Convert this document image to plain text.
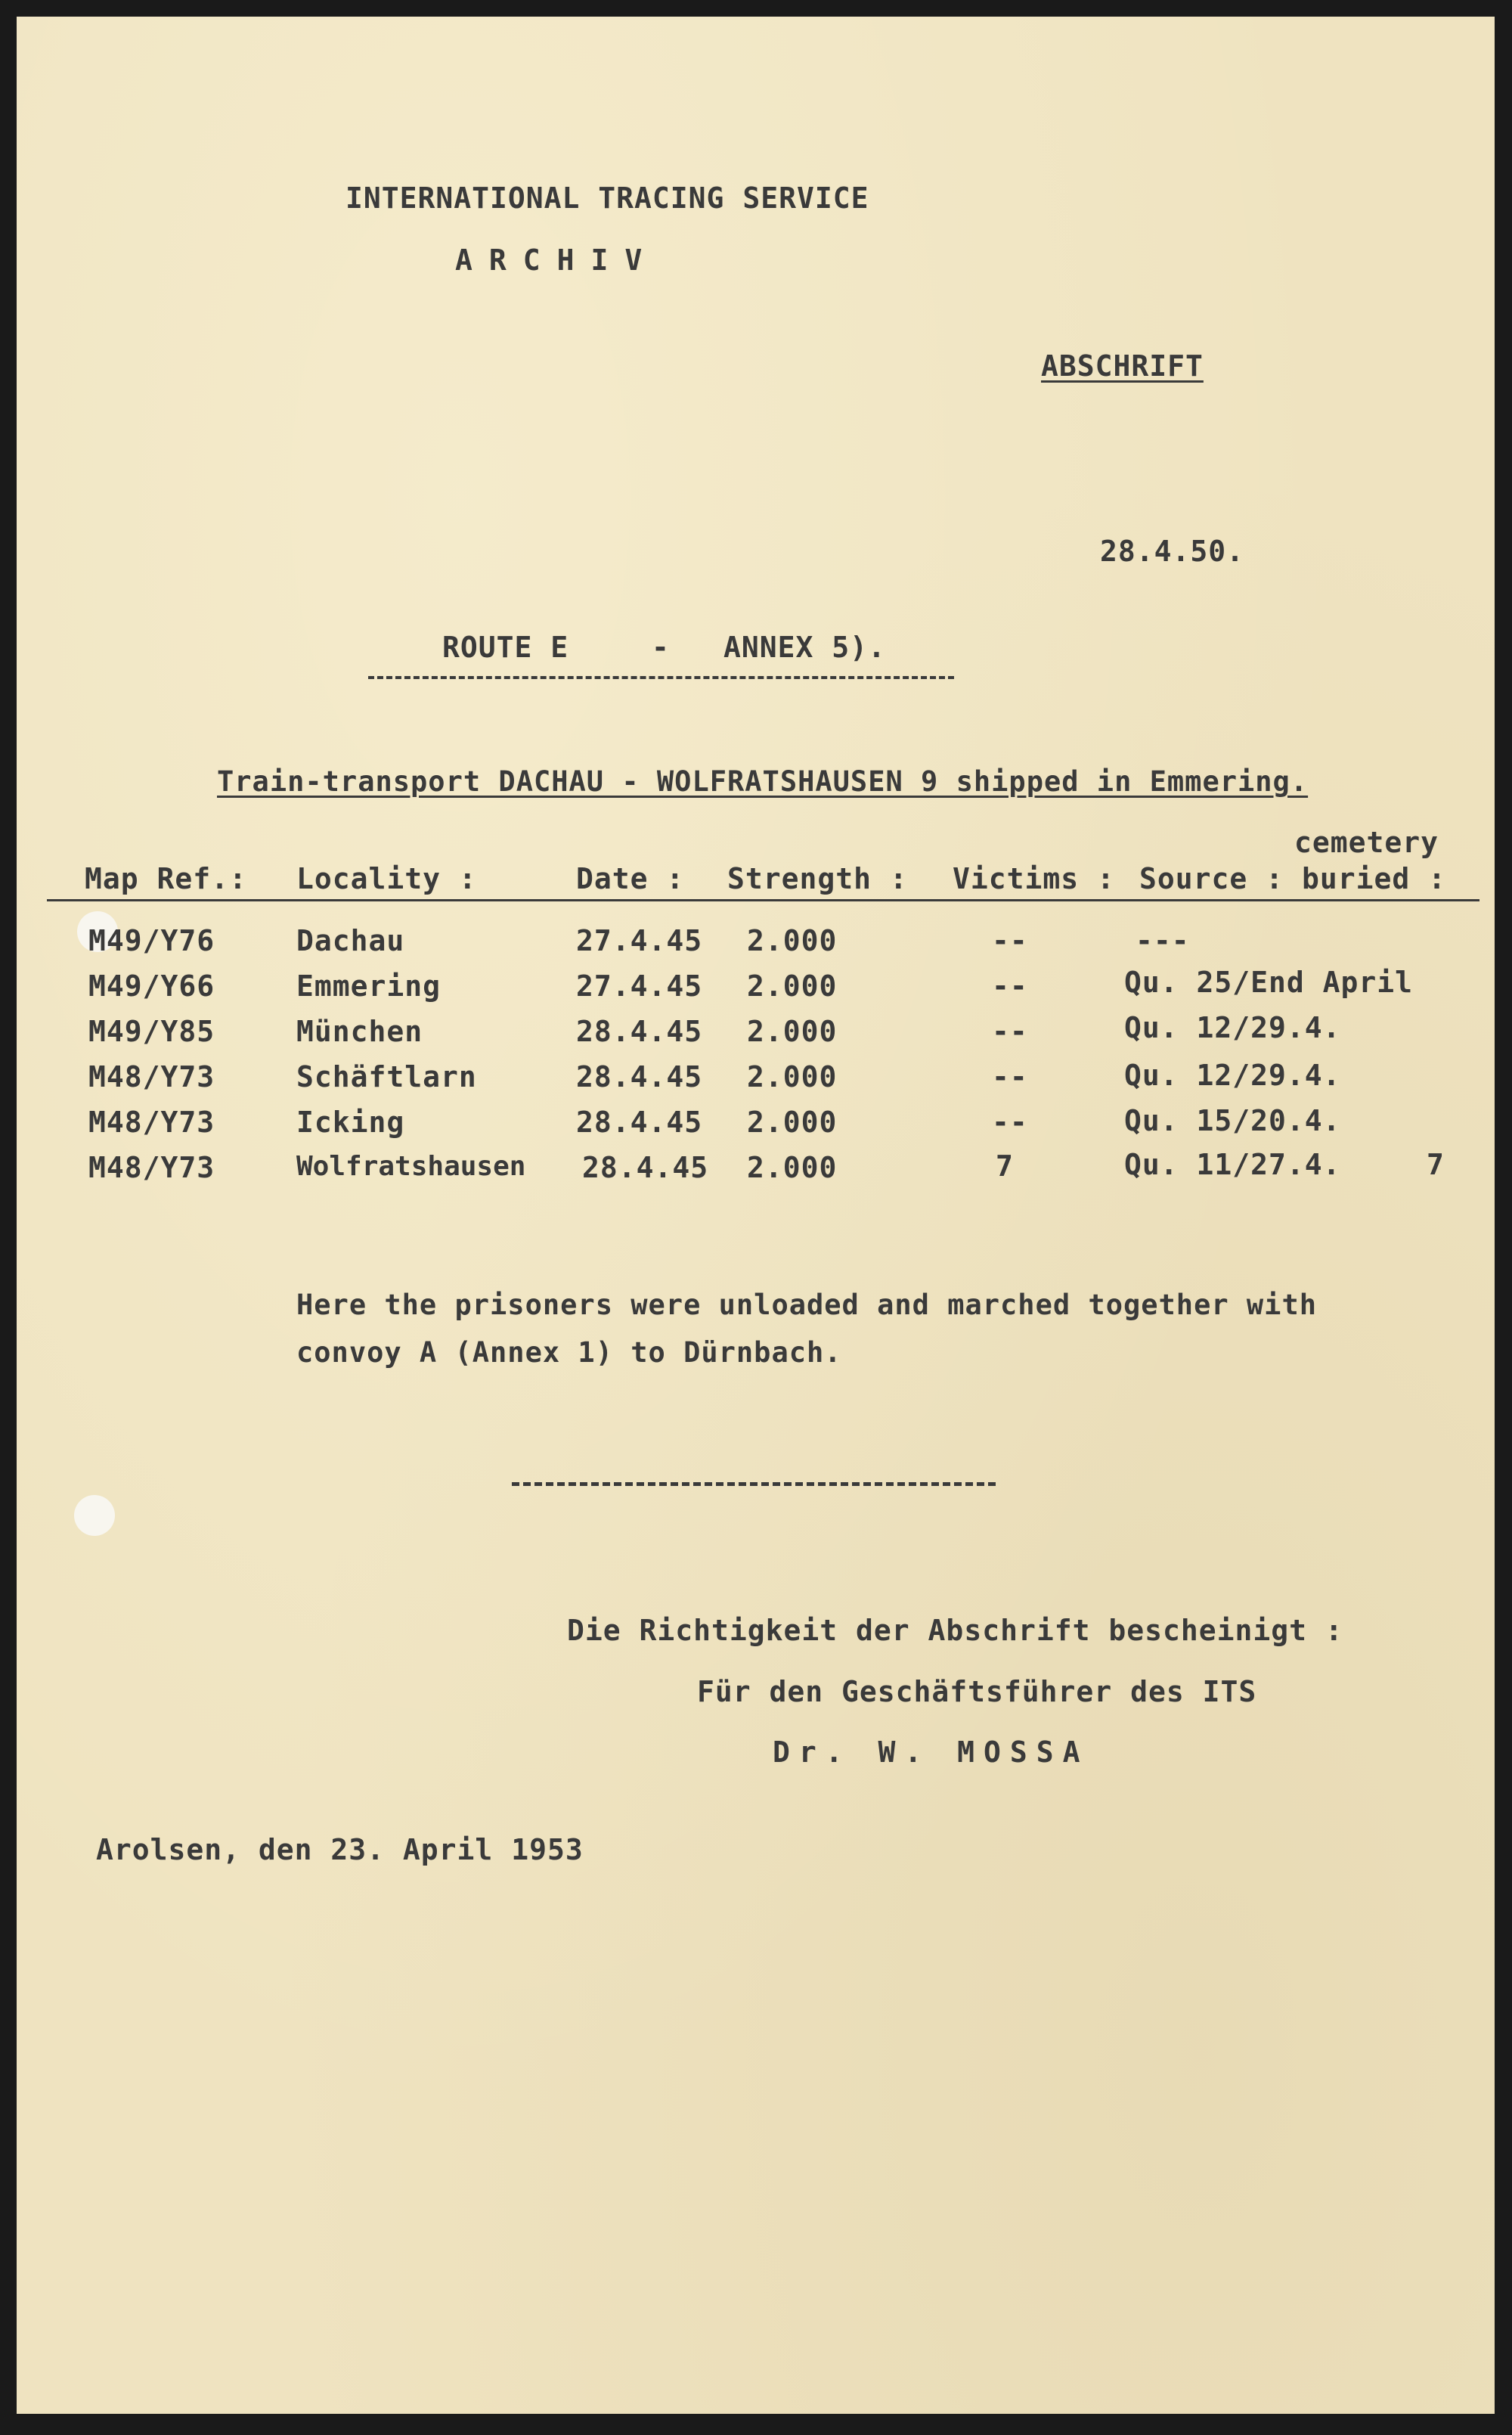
INTERNATIONAL TRACING SERVICE
ARCHIV
ABSCHRIFT
28.4.50.
ROUTE E	- ANNEX 5).
Train-transport DACHAU - WOLFRATSHAUSEN 9 shipped in Emmering.
cemetery
Map Ref.: Locality :	Date : Strength : Victims : Source : buried :
M49/Y76	Dachau	27.4.45 2.000	--	---
M49/Y66	Emmering	27.4.45 2.000	--	Qu. 25/End April
M49/Y85	München	28.4.45 2.000	--	Qu. 12/29.4.
M48/Y73	Schäftlarn	28.4.45 2.000	--	Qu. 12/29.4.
M48/Y73	Icking	28.4.45 2.000	--	Qu. 15/20.4.
M48/Y73	Wolfratshausen 28.4.45 2.000	7	Qu. 11/27.4.	7
Here the prisoners were unloaded and marched together with
convoy A (Annex 1) to Dürnbach.
Die Richtigkeit der Abschrift bescheinigt :
Für den Geschäftsführer des ITS
Dr. W. MOSSA
Arolsen, den 23. April 1953
